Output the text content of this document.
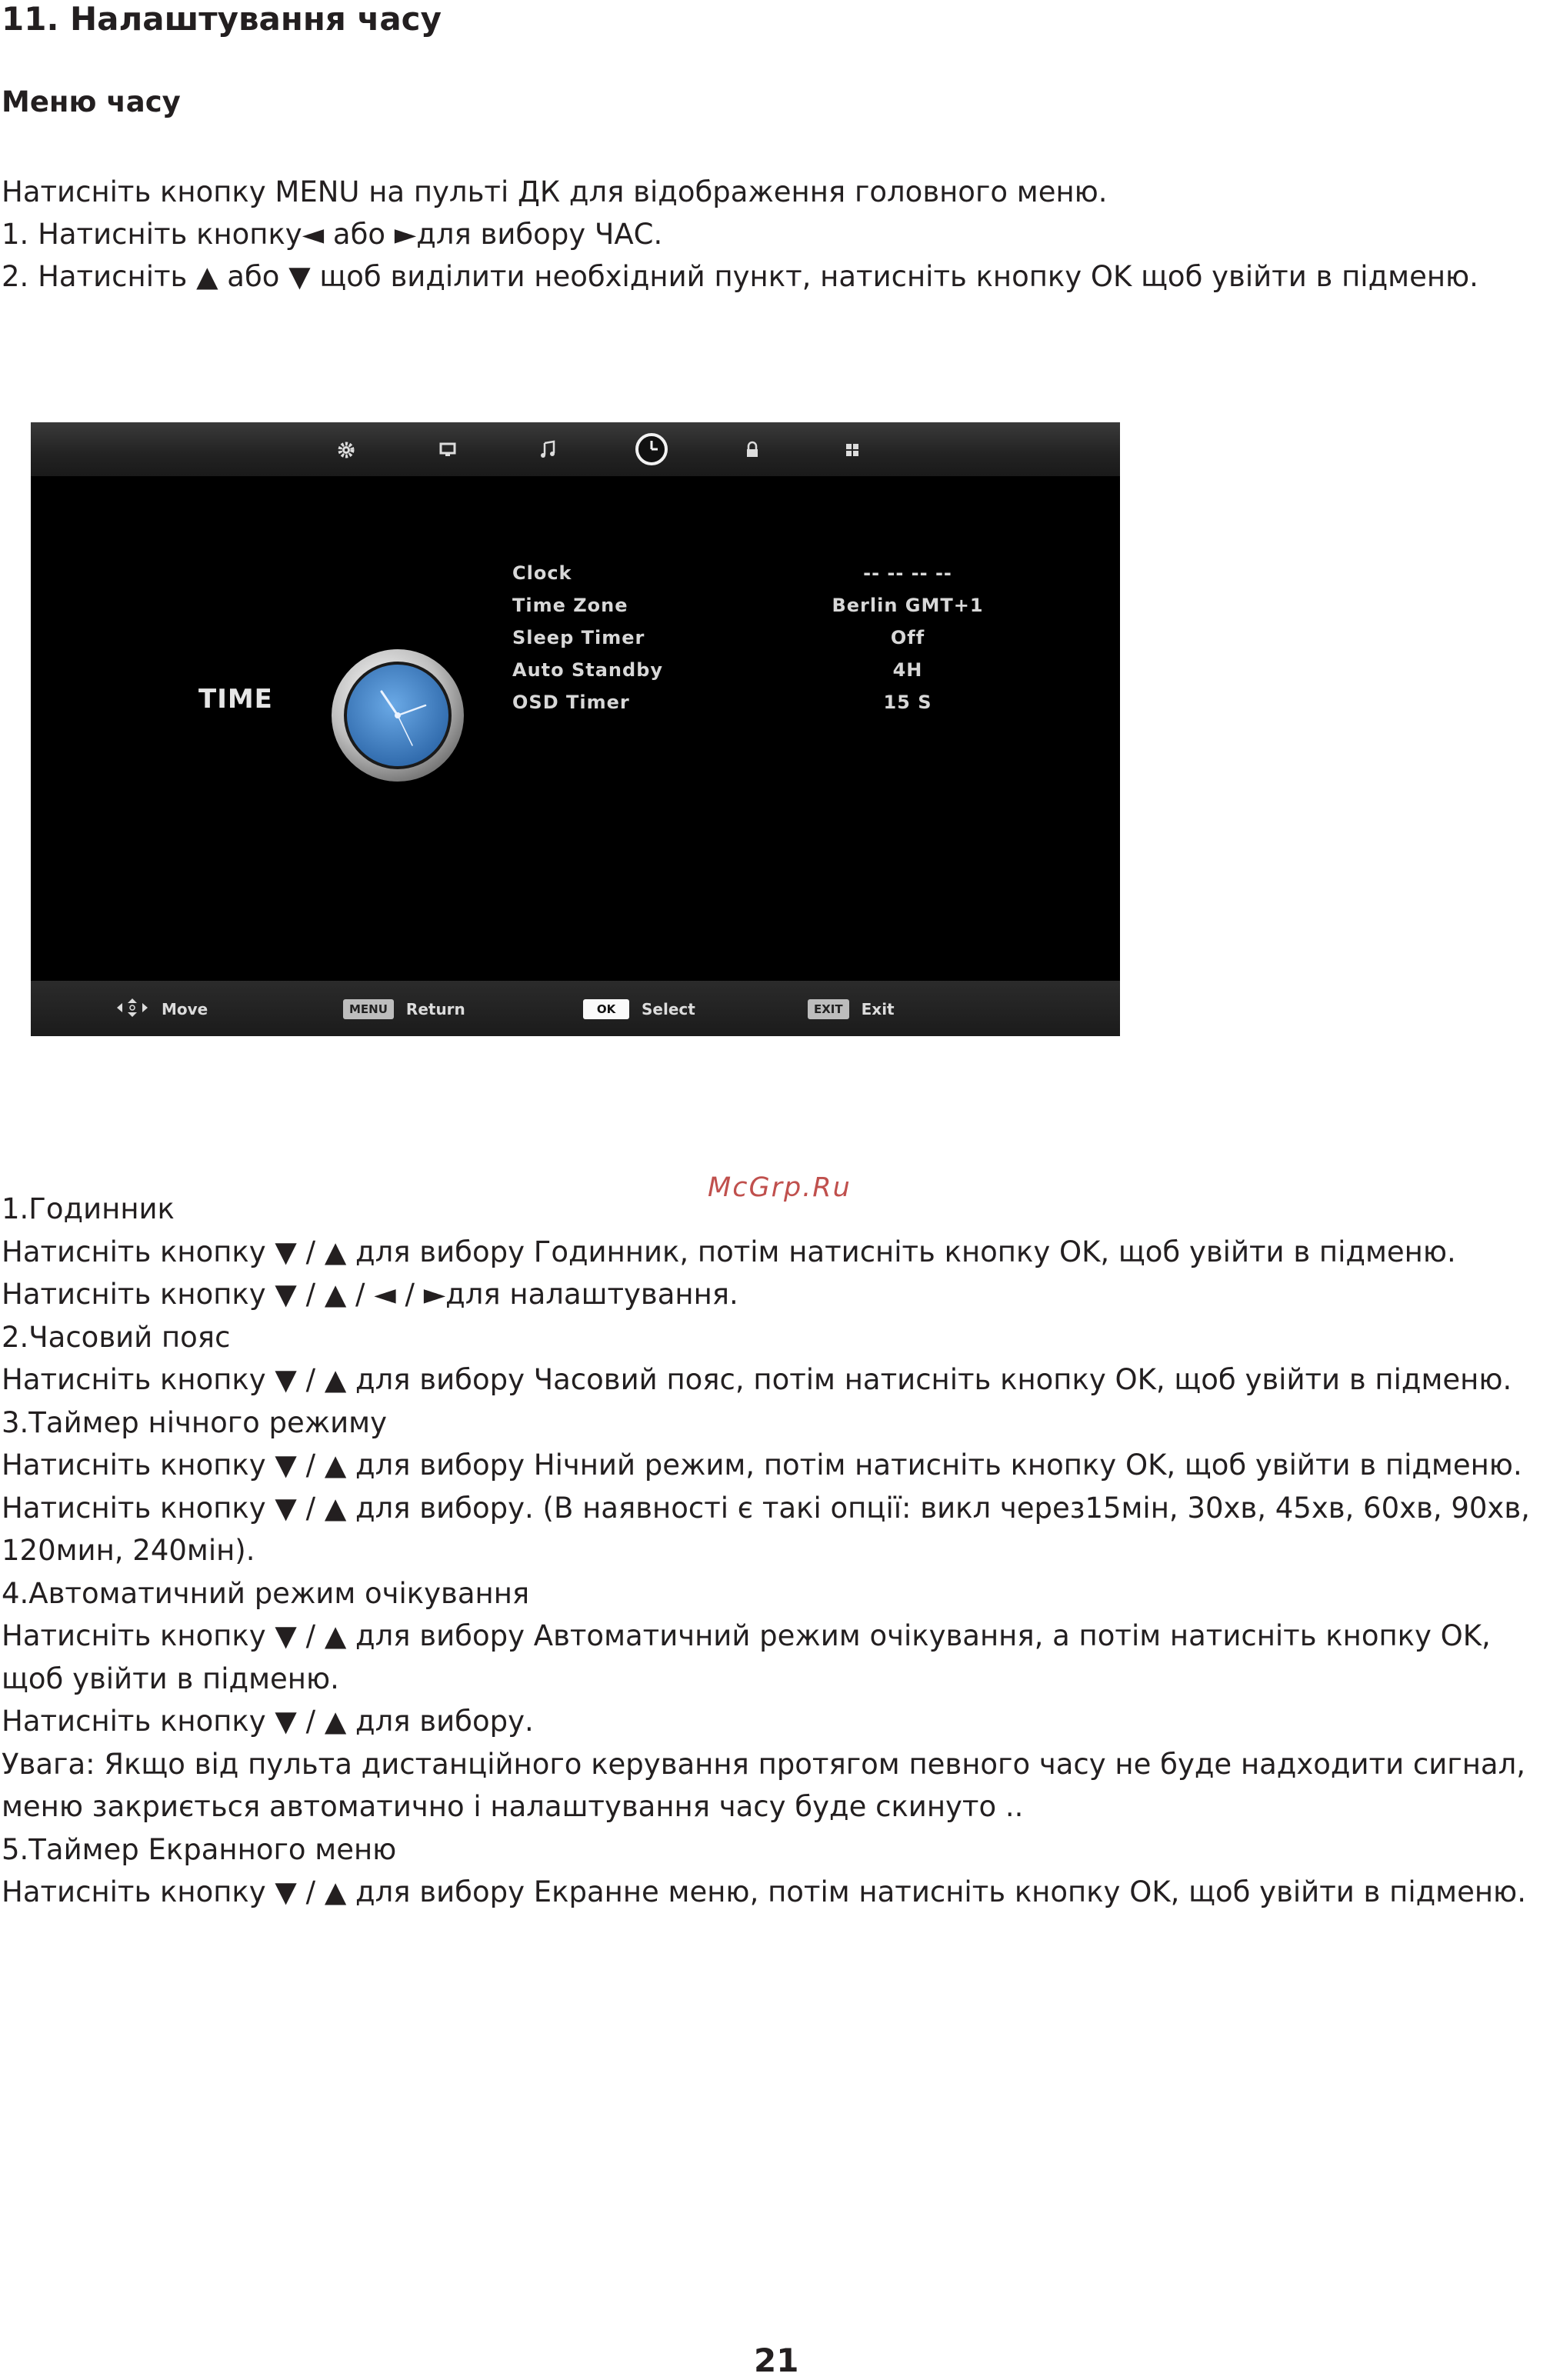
11. Налаштування часу
Меню часу
Натисніть кнопку MENU на пульті ДК для відображення головного меню.
1. Натисніть кнопку◄ або ►для вибору ЧАС.
2. Натисніть ▲ або ▼ щоб виділити необхідний пункт, натисніть кнопку OK щоб увійти в підменю.
TIME
Clock	-- -- -- --
Time Zone	Berlin GMT+1
Sleep Timer	Off
Auto Standby	4H
OSD Timer	15 S
Move	MENU	Return	OK	Select	EXIT	Exit
McGrp.Ru
1.Годинник
Натисніть кнопку ▼ / ▲ для вибору Годинник, потім натисніть кнопку OK, щоб увійти в підменю.
Натисніть кнопку ▼ / ▲ / ◄ / ►для налаштування.
2.Часовий пояс
Натисніть кнопку ▼ / ▲ для вибору Часовий пояс, потім натисніть кнопку OK, щоб увійти в підменю.
3.Таймер нічного режиму
Натисніть кнопку ▼ / ▲ для вибору Нічний режим, потім натисніть кнопку OK, щоб увійти в підменю.
Натисніть кнопку ▼ / ▲ для вибору. (В наявності є такі опції: викл через15мін, 30хв, 45хв, 60хв, 90хв,
120мин, 240мін).
4.Автоматичний режим очікування
Натисніть кнопку ▼ / ▲ для вибору Автоматичний режим очікування, а потім натисніть кнопку OK,
щоб увійти в підменю.
Натисніть кнопку ▼ / ▲ для вибору.
Увага: Якщо від пульта дистанційного керування протягом певного часу не буде надходити сигнал,
меню закриється автоматично і налаштування часу буде скинуто ..
5.Таймер Екранного меню
Натисніть кнопку ▼ / ▲ для вибору Екранне меню, потім натисніть кнопку OK, щоб увійти в підменю.
21
